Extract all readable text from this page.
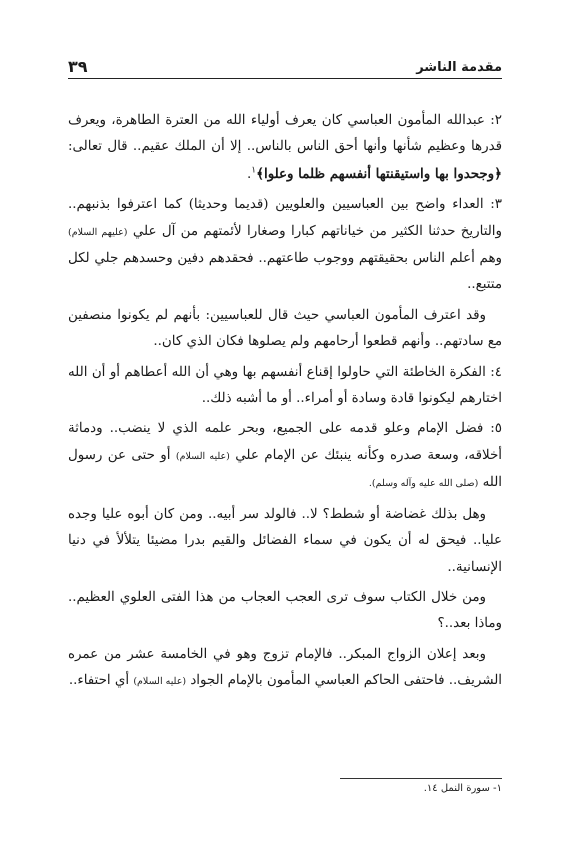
مقدمة الناشر
٣٩

٢: عبدالله المأمون العباسي كان يعرف أولياء الله من العترة الطاهرة، ويعرف قدرها وعظيم شأنها وأنها أحق الناس بالناس.. إلا أن الملك عقيم.. قال تعالى: ﴿وجحدوا بها واستيقنتها أنفسهم ظلما وعلوا﴾$^١$.

٣: العداء واضح بين العباسيين والعلويين (قديما وحديثا) كما اعترفوا بذنبهم.. والتاريخ حدثنا الكثير من خياناتهم كبارا وصغارا لأئمتهم من آل علي (عليهم السلام) وهم أعلم الناس بحقيقتهم ووجوب طاعتهم.. فحقدهم دفين وحسدهم جلي لكل متتبع..

وقد اعترف المأمون العباسي حيث قال للعباسيين: بأنهم لم يكونوا منصفين مع سادتهم.. وأنهم قطعوا أرحامهم ولم يصلوها فكان الذي كان..

٤: الفكرة الخاطئة التي حاولوا إقناع أنفسهم بها وهي أن الله أعطاهم أو أن الله اختارهم ليكونوا قادة وسادة أو أمراء.. أو ما أشبه ذلك..

٥: فضل الإمام وعلو قدمه على الجميع، وبحر علمه الذي لا ينضب.. ودماثة أخلاقه، وسعة صدره وكأنه ينبئك عن الإمام علي (عليه السلام) أو حتى عن رسول الله (صلى الله عليه وآله وسلم).

وهل بذلك غضاضة أو شطط؟ لا.. فالولد سر أبيه.. ومن كان أبوه عليا وجده عليا.. فيحق له أن يكون في سماء الفضائل والقيم بدرا مضيئا يتلألأ في دنيا الإنسانية..

ومن خلال الكتاب سوف ترى العجب العجاب من هذا الفتى العلوي العظيم.. وماذا بعد..؟

وبعد إعلان الزواج المبكر.. فالإمام تزوج وهو في الخامسة عشر من عمره الشريف.. فاحتفى الحاكم العباسي المأمون بالإمام الجواد (عليه السلام) أي احتفاء..

١- سورة النمل ١٤.
